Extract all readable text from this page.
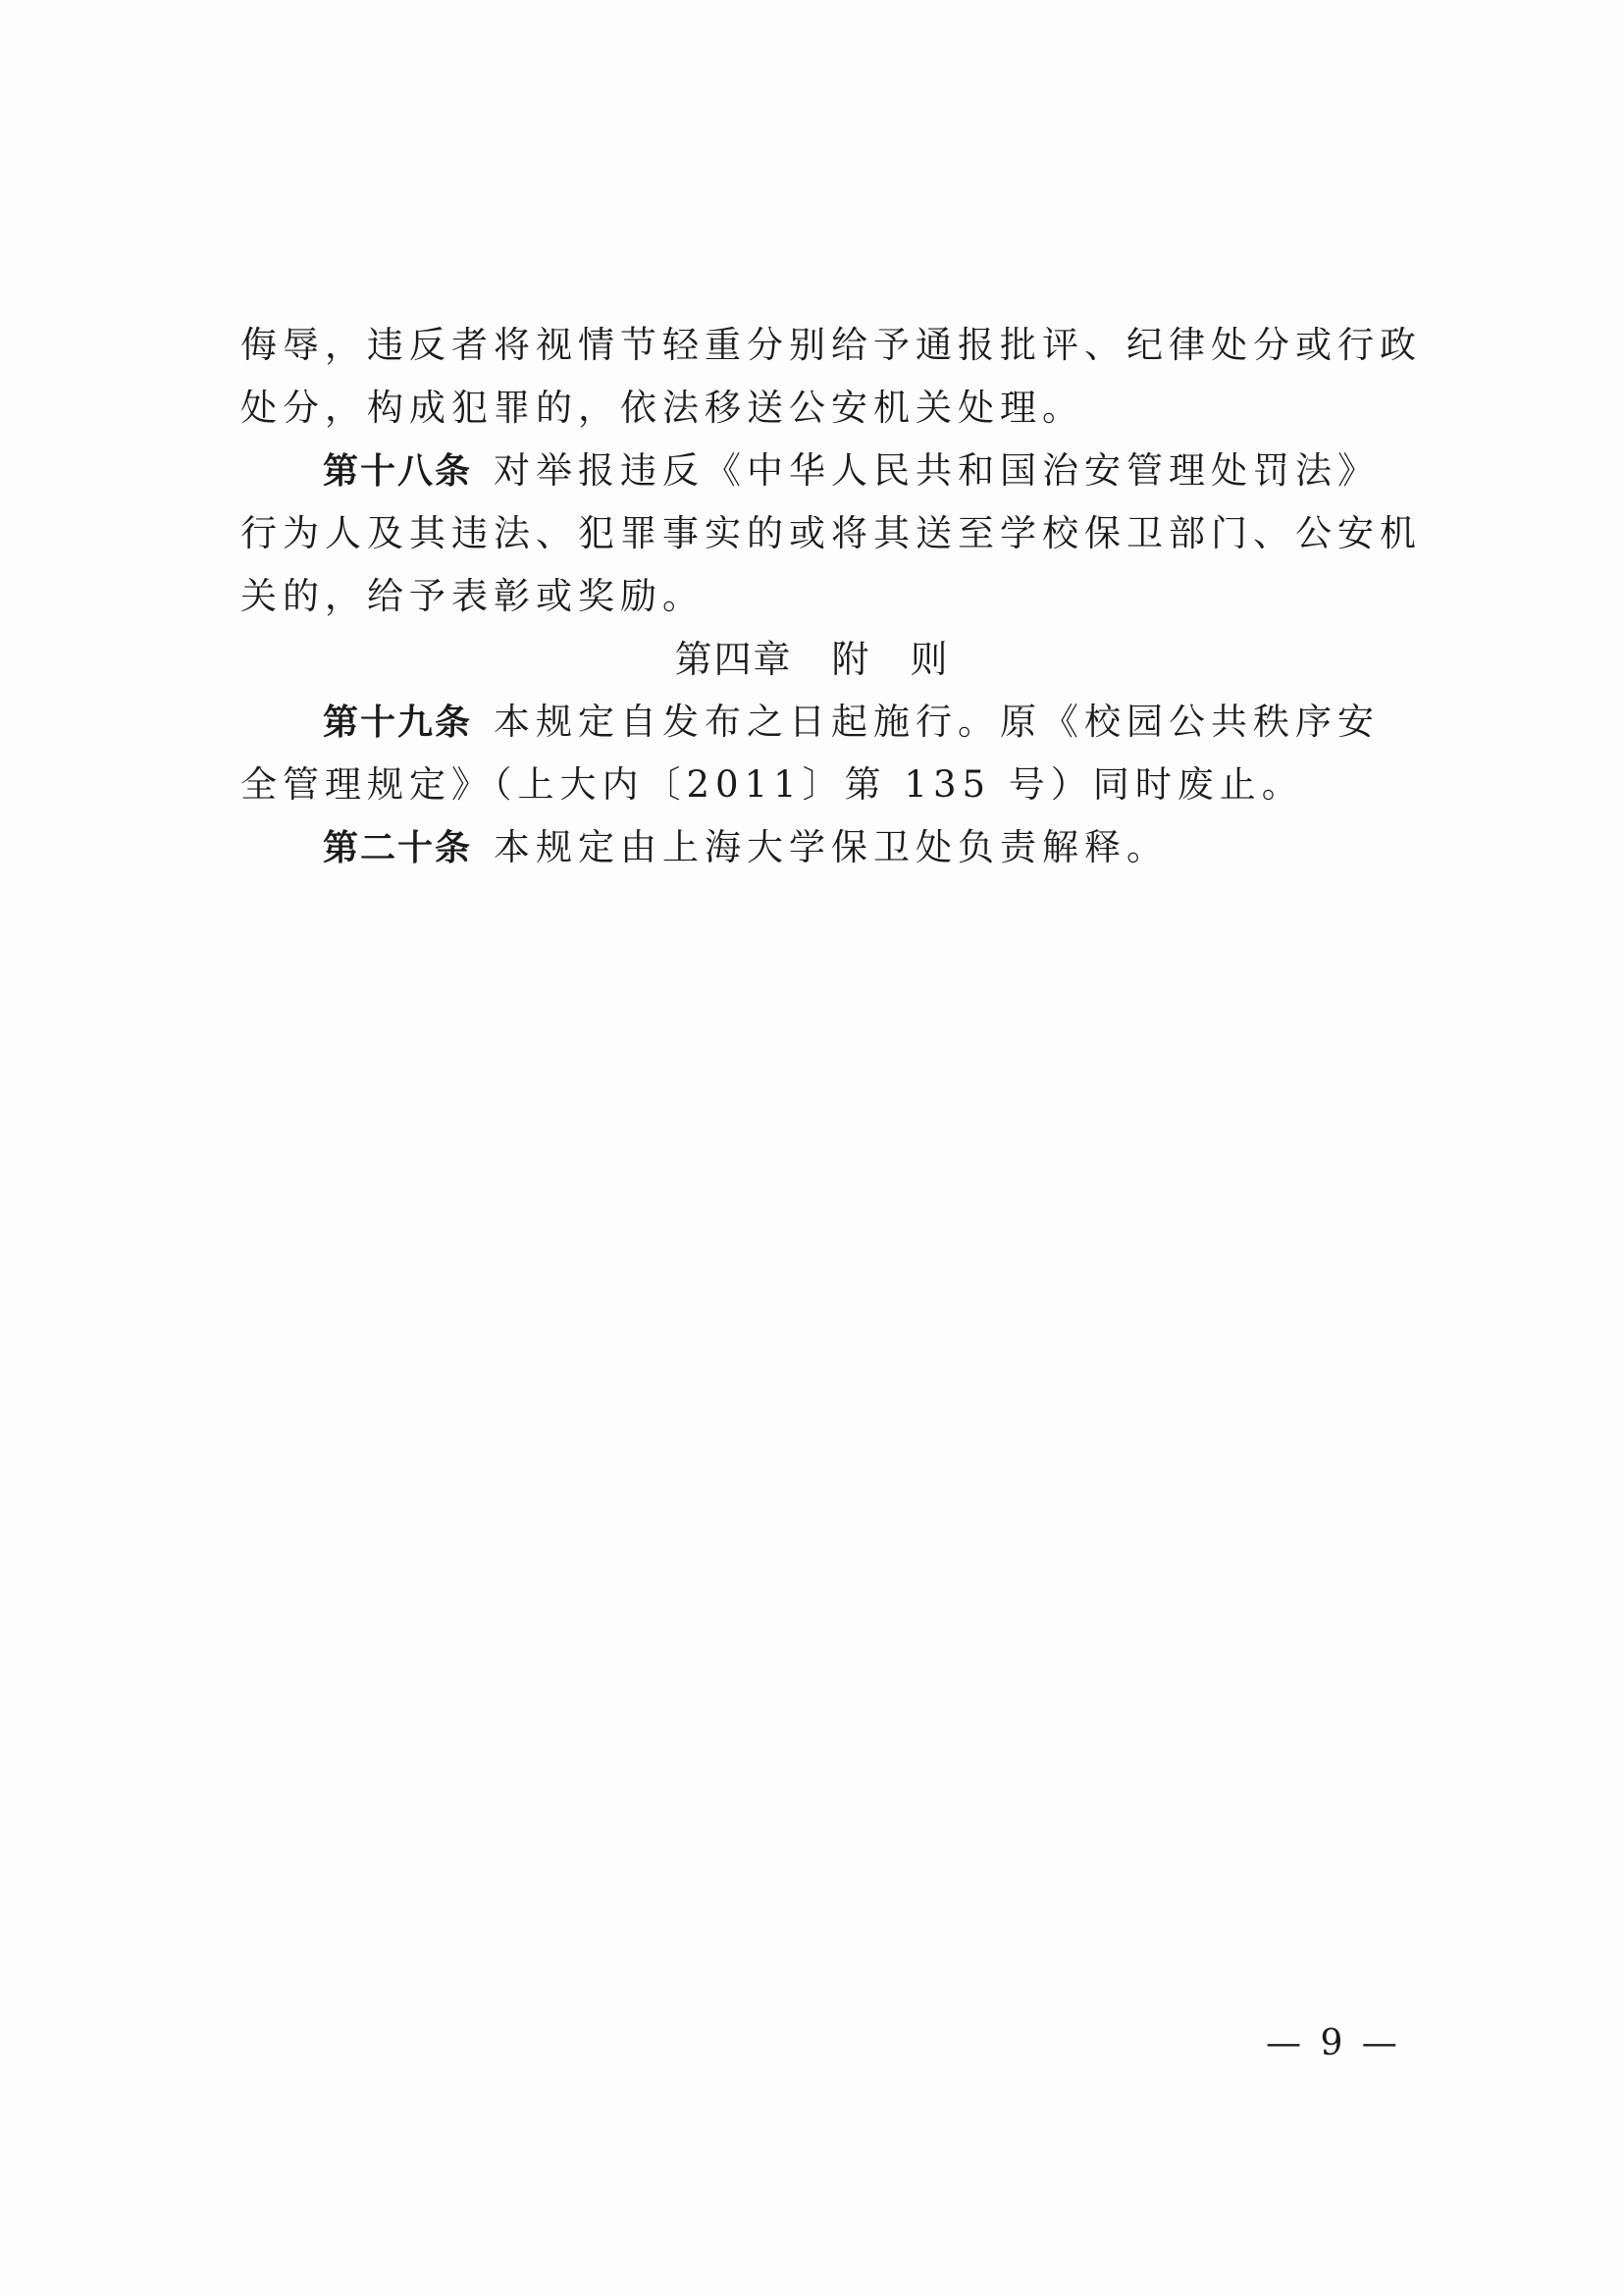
侮辱，违反者将视情节轻重分别给予通报批评、纪律处分或行政
处分，构成犯罪的，依法移送公安机关处理。
第十八条 对举报违反《中华人民共和国治安管理处罚法》
行为人及其违法、犯罪事实的或将其送至学校保卫部门、公安机
关的，给予表彰或奖励。
第四章　附　则
第十九条 本规定自发布之日起施行。原《校园公共秩序安
全管理规定》（上大内〔2011〕第 135 号）同时废止。
第二十条 本规定由上海大学保卫处负责解释。
— 9 —
